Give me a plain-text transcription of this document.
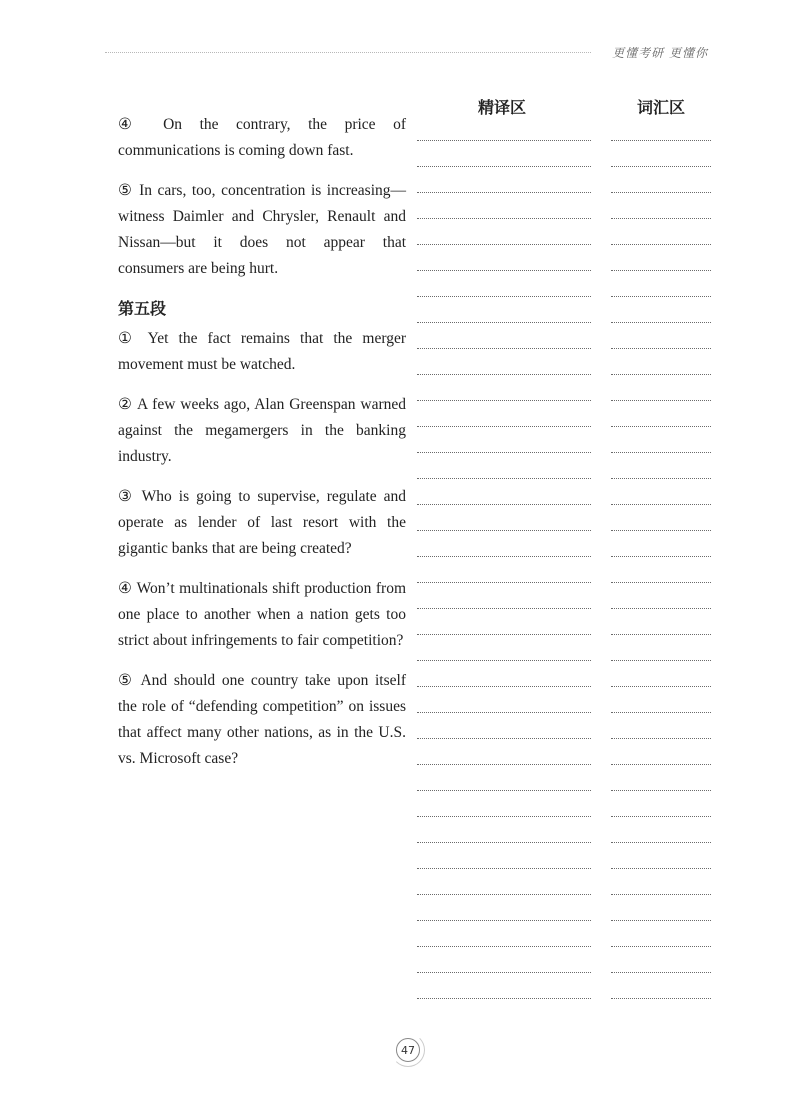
更懂考研 更懂你
精译区	词汇区

④ On the contrary, the price of communications is coming down fast.

⑤ In cars, too, concentration is increasing—witness Daimler and Chrysler, Renault and Nissan—but it does not appear that consumers are being hurt.

第五段

① Yet the fact remains that the merger movement must be watched.

② A few weeks ago, Alan Greenspan warned against the megamergers in the banking industry.

③ Who is going to supervise, regulate and operate as lender of last resort with the gigantic banks that are being created?

④ Won’t multinationals shift production from one place to another when a nation gets too strict about infringements to fair competition?

⑤ And should one country take upon itself the role of “defending competition” on issues that affect many other nations, as in the U.S. vs. Microsoft case?

47
